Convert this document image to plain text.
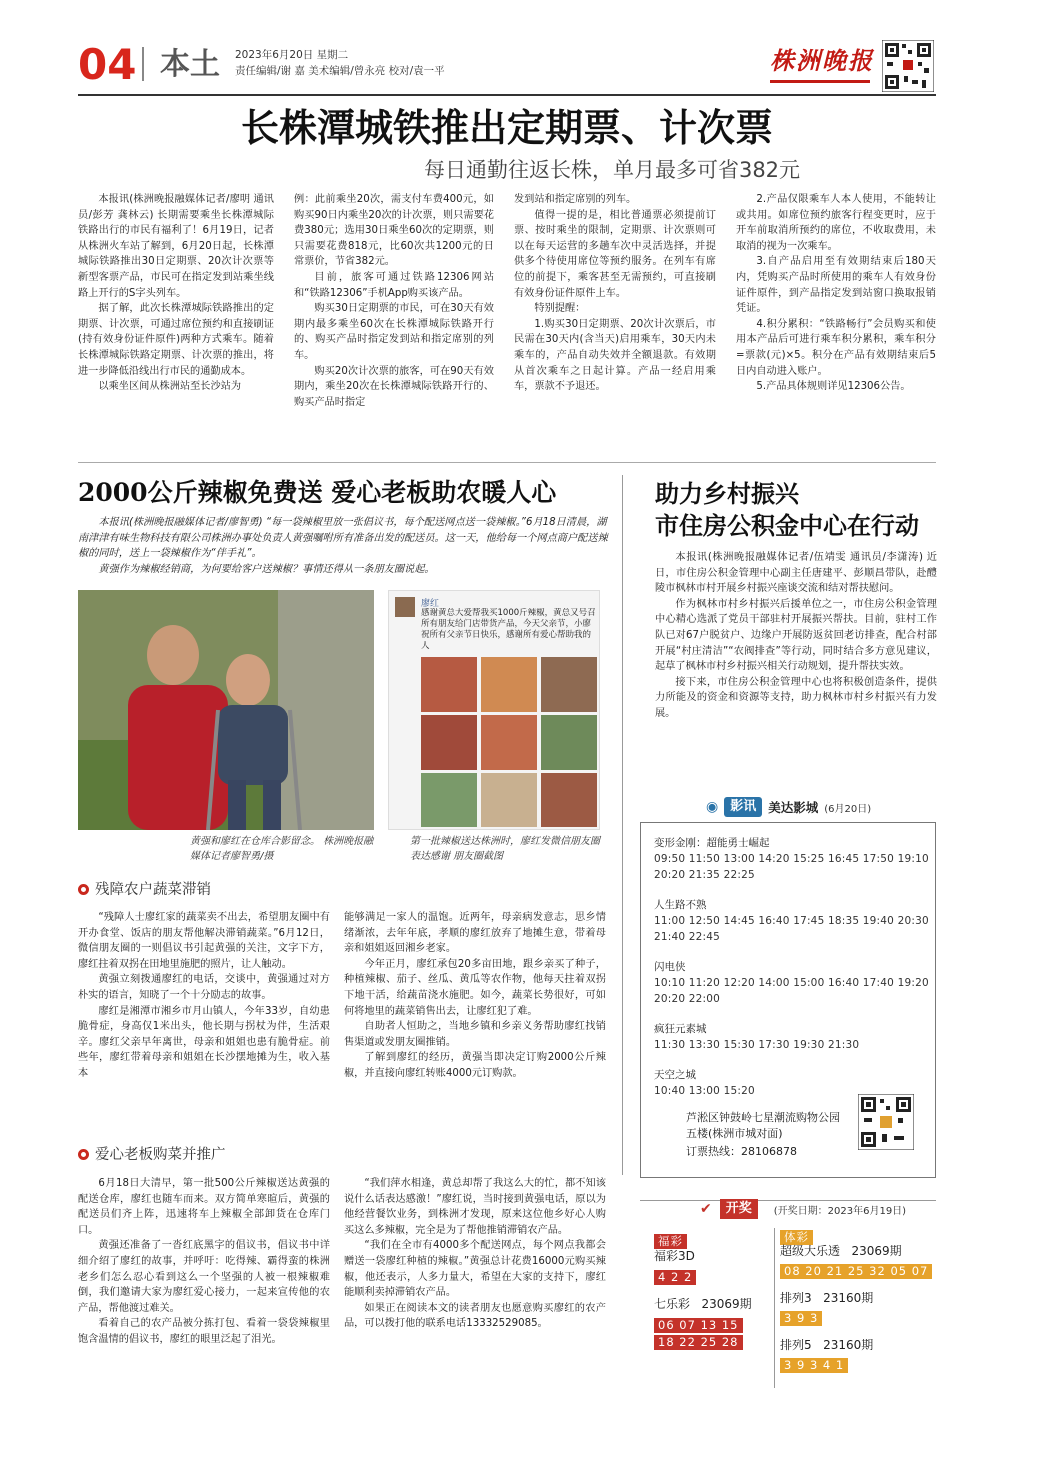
04 本土 2023年6月20日 星期二
责任编辑/谢 嘉 美术编辑/曾永亮 校对/袁一平	株洲晚报
长株潭城铁推出定期票、计次票
每日通勤往返长株，单月最多可省382元

本报讯(株洲晚报融媒体记者/廖明 通讯员/彭芳 龚林云) 长期需要乘坐长株潭城际铁路出行的市民有福利了！6月19日，记者从株洲火车站了解到，6月20日起，长株潭城际铁路推出30日定期票、20次计次票等新型客票产品，市民可在指定发到站乘坐线路上开行的S字头列车。

据了解，此次长株潭城际铁路推出的定期票、计次票，可通过席位预约和直接刷证(持有效身份证件原件)两种方式乘车。随着长株潭城际铁路定期票、计次票的推出，将进一步降低沿线出行市民的通勤成本。

以乘坐区间从株洲站至长沙站为

例：此前乘坐20次，需支付车费400元，如购买90日内乘坐20次的计次票，则只需要花费380元；选用30日乘坐60次的定期票，则只需要花费818元，比60次共1200元的日常票价，节省382元。

目前，旅客可通过铁路12306网站和“铁路12306”手机App购买该产品。

购买30日定期票的市民，可在30天有效期内最多乘坐60次在长株潭城际铁路开行的、购买产品时指定发到站和指定席别的列车。

购买20次计次票的旅客，可在90天有效期内，乘坐20次在长株潭城际铁路开行的、购买产品时指定

发到站和指定席别的列车。

值得一提的是，相比普通票必须提前订票、按时乘坐的限制，定期票、计次票则可以在每天运营的多趟车次中灵活选择，并提供多个待使用席位等预约服务。在列车有席位的前提下，乘客甚至无需预约，可直接刷有效身份证件原件上车。

特别提醒：

1.购买30日定期票、20次计次票后，市民需在30天内(含当天)启用乘车，30天内未乘车的，产品自动失效并全额退款。有效期从首次乘车之日起计算。产品一经启用乘车，票款不予退还。

2.产品仅限乘车人本人使用，不能转让或共用。如席位预约旅客行程变更时，应于开车前取消所预约的席位，不收取费用，未取消的视为一次乘车。

3.自产品启用至有效期结束后180天内，凭购买产品时所使用的乘车人有效身份证件原件，到产品指定发到站窗口换取报销凭证。

4.积分累积：“铁路畅行”会员购买和使用本产品后可进行乘车积分累积，乘车积分=票款(元)×5。积分在产品有效期结束后5日内自动进入账户。

5.产品具体规则详见12306公告。

2000公斤辣椒免费送 爱心老板助农暖人心

本报讯(株洲晚报融媒体记者/廖智勇) “每一袋辣椒里放一张倡议书，每个配送网点送一袋辣椒。”6月18日清晨，湖南津津有味生物科技有限公司株洲办事处负责人黄强嘱咐所有准备出发的配送员。这一天，他给每一个网点商户配送辣椒的同时，送上一袋辣椒作为“伴手礼”。

黄强作为辣椒经销商，为何要给客户送辣椒？事情还得从一条朋友圈说起。

廖红
感谢黄总大爱帮我买1000斤辣椒，黄总又号召所有朋友给门店带货产品，今天父亲节，小廖祝所有父亲节日快乐，感谢所有爱心帮助我的人
黄强和廖红在仓库合影留念。 株洲晚报融媒体记者廖智勇/摄
第一批辣椒送达株洲时，廖红发微信朋友圈表达感谢 朋友圈截图
残障农户蔬菜滞销

“残障人士廖红家的蔬菜卖不出去，希望朋友圈中有开办食堂、饭店的朋友帮他解决滞销蔬菜。”6月12日，微信朋友圈的一则倡议书引起黄强的关注，文字下方，廖红拄着双拐在田地里施肥的照片，让人触动。

黄强立刻拨通廖红的电话，交谈中，黄强通过对方朴实的语言，知晓了一个十分励志的故事。

廖红是湘潭市湘乡市月山镇人，今年33岁，自幼患脆骨症，身高仅1米出头，他长期与拐杖为伴，生活艰辛。廖红父亲早年离世，母亲和姐姐也患有脆骨症。前些年，廖红带着母亲和姐姐在长沙摆地摊为生，收入基本

能够满足一家人的温饱。近两年，母亲病发意志，思乡情绪渐浓，去年年底，孝顺的廖红放弃了地摊生意，带着母亲和姐姐返回湘乡老家。

今年正月，廖红承包20多亩田地，跟乡亲买了种子，种植辣椒、茄子、丝瓜、黄瓜等农作物，他每天拄着双拐下地干活，给蔬苗浇水施肥。如今，蔬菜长势很好，可如何将地里的蔬菜销售出去，让廖红犯了难。

自助者人恒助之，当地乡镇和乡亲义务帮助廖红找销售渠道或发朋友圈推销。

了解到廖红的经历，黄强当即决定订购2000公斤辣椒，并直接向廖红转账4000元订购款。

爱心老板购菜并推广

6月18日大清早，第一批500公斤辣椒送达黄强的配送仓库，廖红也随车而来。双方简单寒暄后，黄强的配送员们齐上阵，迅速将车上辣椒全部卸货在仓库门口。

黄强还准备了一沓红底黑字的倡议书，倡议书中详细介绍了廖红的故事，并呼吁：吃得辣、霸得蛮的株洲老乡们怎么忍心看到这么一个坚强的人被一根辣椒难倒，我们邀请大家为廖红爱心接力，一起来宣传他的农产品，帮他渡过难关。

看着自己的农产品被分拣打包、看着一袋袋辣椒里饱含温情的倡议书，廖红的眼里泛起了泪光。

“我们萍水相逢，黄总却帮了我这么大的忙，都不知该说什么话表达感激！”廖红说，当时接到黄强电话，原以为他经营餐饮业务，到株洲才发现，原来这位他乡好心人购买这么多辣椒，完全是为了帮他推销滞销农产品。

“我们在全市有4000多个配送网点，每个网点我都会赠送一袋廖红种植的辣椒。”黄强总计花费16000元购买辣椒，他还表示，人多力量大，希望在大家的支持下，廖红能顺利卖掉滞销农产品。

如果正在阅读本文的读者朋友也愿意购买廖红的农产品，可以拨打他的联系电话13332529085。

助力乡村振兴
市住房公积金中心在行动

本报讯(株洲晚报融媒体记者/伍靖雯 通讯员/李潇涛) 近日，市住房公积金管理中心副主任唐建平、彭顺昌带队，赴醴陵市枫林市村开展乡村振兴座谈交流和结对帮扶慰问。

作为枫林市村乡村振兴后援单位之一，市住房公积金管理中心精心选派了党员干部驻村开展振兴帮扶。目前，驻村工作队已对67户脱贫户、边缘户开展防返贫回老访排查，配合村部开展“村庄清洁”“农阀排查”等行动，同时结合多方意见建议，起草了枫林市村乡村振兴相关行动规划，提升帮扶实效。

接下来，市住房公积金管理中心也将积极创造条件，提供力所能及的资金和资源等支持，助力枫林市村乡村振兴有力发展。

◉ 影讯 美达影城 (6月20日)
变形金刚：超能勇士崛起
09:50 11:50 13:00 14:20 15:25 16:45 17:50 19:10
20:20 21:35 22:25
人生路不熟
11:00 12:50 14:45 16:40 17:45 18:35 19:40 20:30
21:40 22:45
闪电侠
10:10 11:20 12:20 14:00 15:00 16:40 17:40 19:20
20:20 22:00
疯狂元素城
11:30 13:30 15:30 17:30 19:30 21:30
天空之城
10:40 13:00 15:20
芦淞区钟鼓岭七星潮流购物公园五楼(株洲市城对面)
订票热线：28106878
✔	开奖	(开奖日期：2023年6月19日)
福彩
福彩3D
4 2 2
七乐彩 23069期
06 07 13 15
18 22 25 28
体彩
超级大乐透 23069期
08 20 21 25 32 05 07
排列3 23160期
3 9 3
排列5 23160期
3 9 3 4 1
